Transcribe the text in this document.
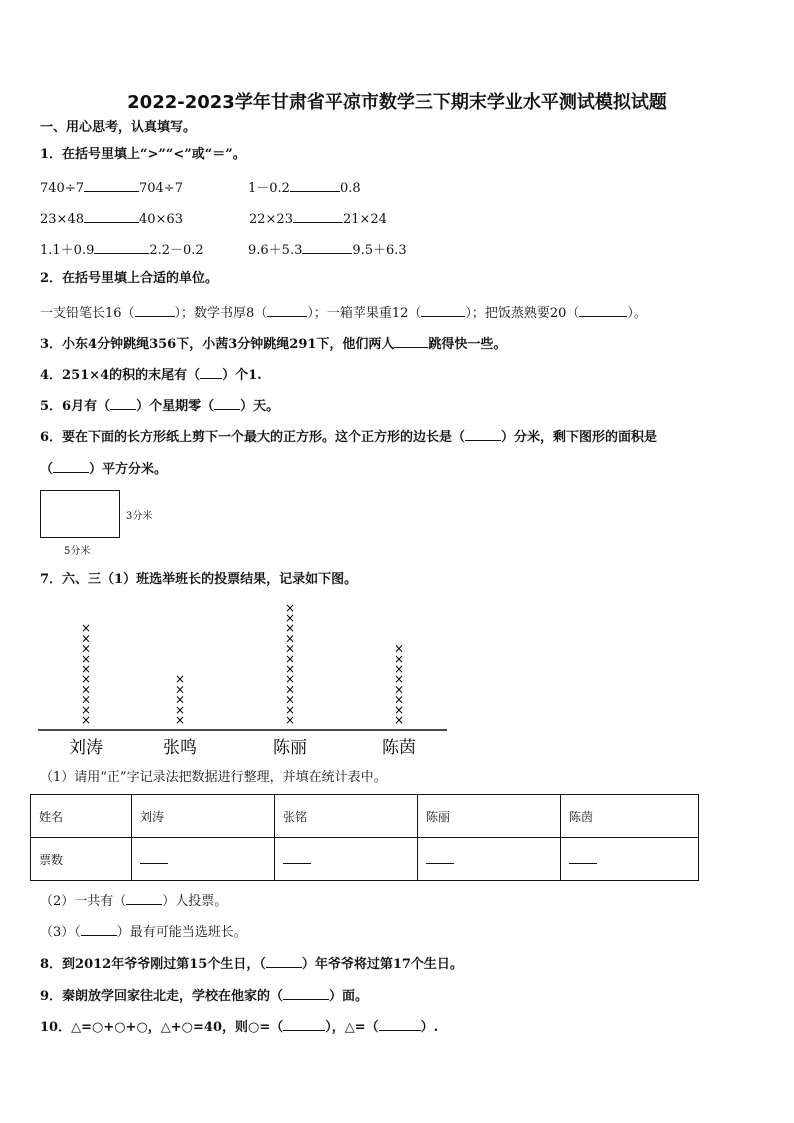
2022-2023学年甘肃省平凉市数学三下期末学业水平测试模拟试题
一、用心思考，认真填写。
1．在括号里填上“>”“<”或“＝”。
740÷7	704÷7	1－0.2	0.8
23×48	40×63	22×23	21×24
1.1＋0.9	2.2－0.2	9.6＋5.3	9.5＋6.3
2．在括号里填上合适的单位。
一支铅笔长16（	）；数学书厚8（	）；一箱苹果重12（	）；把饭蒸熟要20（	）。
3．小东4分钟跳绳356下，小茜3分钟跳绳291下，他们两人	跳得快一些。
4．251×4的积的末尾有（ ）个1.
5．6月有（ ）个星期零（ ）天。
6．要在下面的长方形纸上剪下一个最大的正方形。这个正方形的边长是（	）分米，剩下图形的面积是
（	）平方分米。
3分米
5分米
7．六、三（1）班选举班长的投票结果，记录如下图。
×
×
×
×
×
×
×
×
×
×
×
×
×
×
×
×
×
×
×
×
×
×
×
×
×
×
×
×
×
×
×
×
×
×
×
刘涛	张鸣	陈丽	陈茵
（1）请用“正”字记录法把数据进行整理，并填在统计表中。
姓名	刘涛	张铭	陈丽	陈茵
票数				
（2）一共有（	）人投票。
（3）（	）最有可能当选班长。
8．到2012年爷爷刚过第15个生日，（	）年爷爷将过第17个生日。
9．秦朗放学回家往北走，学校在他家的（	）面。
10．△=○+○+○，△+○=40，则○=（	），△=（	）.
